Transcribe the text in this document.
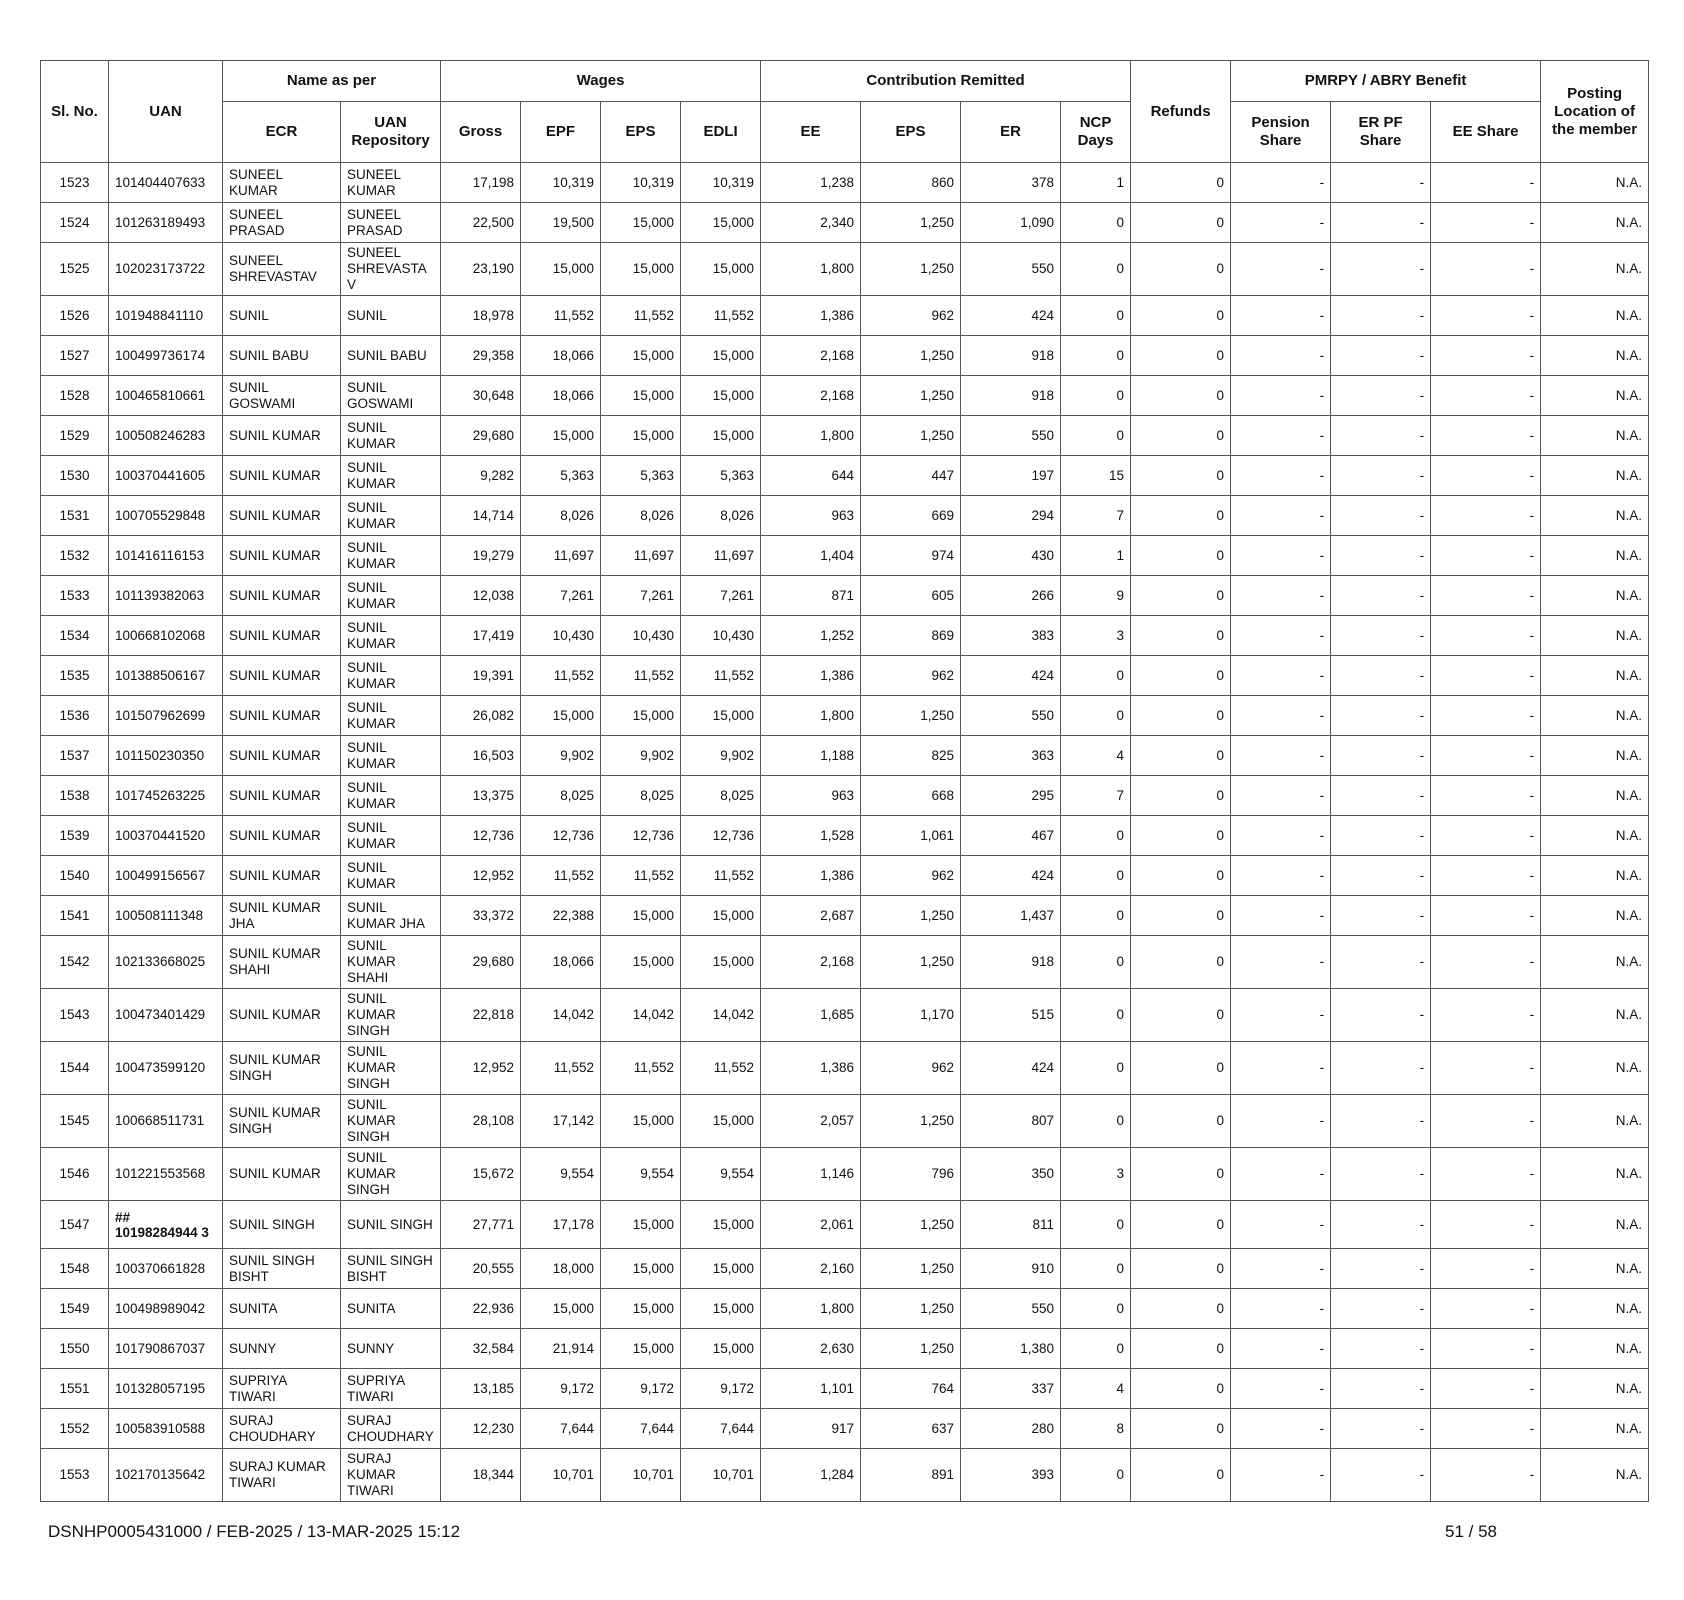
Sl. No.	UAN	Name as per		Wages				Contribution Remitted				Refunds	PMRPY / ABRY Benefit			Posting Location of the member
		ECR	UAN Repository	Gross	EPF	EPS	EDLI	EE	EPS	ER	NCP Days		Pension Share	ER PF Share	EE Share	
1523	101404407633	SUNEEL KUMAR	SUNEEL KUMAR	17,198	10,319	10,319	10,319	1,238	860	378	1	0	-	-	-	N.A.
1524	101263189493	SUNEEL PRASAD	SUNEEL PRASAD	22,500	19,500	15,000	15,000	2,340	1,250	1,090	0	0	-	-	-	N.A.
1525	102023173722	SUNEEL SHREVASTAV	SUNEEL SHREVASTAV	23,190	15,000	15,000	15,000	1,800	1,250	550	0	0	-	-	-	N.A.
1526	101948841110	SUNIL	SUNIL	18,978	11,552	11,552	11,552	1,386	962	424	0	0	-	-	-	N.A.
1527	100499736174	SUNIL BABU	SUNIL BABU	29,358	18,066	15,000	15,000	2,168	1,250	918	0	0	-	-	-	N.A.
1528	100465810661	SUNIL GOSWAMI	SUNIL GOSWAMI	30,648	18,066	15,000	15,000	2,168	1,250	918	0	0	-	-	-	N.A.
1529	100508246283	SUNIL KUMAR	SUNIL KUMAR	29,680	15,000	15,000	15,000	1,800	1,250	550	0	0	-	-	-	N.A.
1530	100370441605	SUNIL KUMAR	SUNIL KUMAR	9,282	5,363	5,363	5,363	644	447	197	15	0	-	-	-	N.A.
1531	100705529848	SUNIL KUMAR	SUNIL KUMAR	14,714	8,026	8,026	8,026	963	669	294	7	0	-	-	-	N.A.
1532	101416116153	SUNIL KUMAR	SUNIL KUMAR	19,279	11,697	11,697	11,697	1,404	974	430	1	0	-	-	-	N.A.
1533	101139382063	SUNIL KUMAR	SUNIL KUMAR	12,038	7,261	7,261	7,261	871	605	266	9	0	-	-	-	N.A.
1534	100668102068	SUNIL KUMAR	SUNIL KUMAR	17,419	10,430	10,430	10,430	1,252	869	383	3	0	-	-	-	N.A.
1535	101388506167	SUNIL KUMAR	SUNIL KUMAR	19,391	11,552	11,552	11,552	1,386	962	424	0	0	-	-	-	N.A.
1536	101507962699	SUNIL KUMAR	SUNIL KUMAR	26,082	15,000	15,000	15,000	1,800	1,250	550	0	0	-	-	-	N.A.
1537	101150230350	SUNIL KUMAR	SUNIL KUMAR	16,503	9,902	9,902	9,902	1,188	825	363	4	0	-	-	-	N.A.
1538	101745263225	SUNIL KUMAR	SUNIL KUMAR	13,375	8,025	8,025	8,025	963	668	295	7	0	-	-	-	N.A.
1539	100370441520	SUNIL KUMAR	SUNIL KUMAR	12,736	12,736	12,736	12,736	1,528	1,061	467	0	0	-	-	-	N.A.
1540	100499156567	SUNIL KUMAR	SUNIL KUMAR	12,952	11,552	11,552	11,552	1,386	962	424	0	0	-	-	-	N.A.
1541	100508111348	SUNIL KUMAR JHA	SUNIL KUMAR JHA	33,372	22,388	15,000	15,000	2,687	1,250	1,437	0	0	-	-	-	N.A.
1542	102133668025	SUNIL KUMAR SHAHI	SUNIL KUMAR SHAHI	29,680	18,066	15,000	15,000	2,168	1,250	918	0	0	-	-	-	N.A.
1543	100473401429	SUNIL KUMAR	SUNIL KUMAR SINGH	22,818	14,042	14,042	14,042	1,685	1,170	515	0	0	-	-	-	N.A.
1544	100473599120	SUNIL KUMAR SINGH	SUNIL KUMAR SINGH	12,952	11,552	11,552	11,552	1,386	962	424	0	0	-	-	-	N.A.
1545	100668511731	SUNIL KUMAR SINGH	SUNIL KUMAR SINGH	28,108	17,142	15,000	15,000	2,057	1,250	807	0	0	-	-	-	N.A.
1546	101221553568	SUNIL KUMAR	SUNIL KUMAR SINGH	15,672	9,554	9,554	9,554	1,146	796	350	3	0	-	-	-	N.A.
1547	## 10198284944 3	SUNIL SINGH	SUNIL SINGH	27,771	17,178	15,000	15,000	2,061	1,250	811	0	0	-	-	-	N.A.
1548	100370661828	SUNIL SINGH BISHT	SUNIL SINGH BISHT	20,555	18,000	15,000	15,000	2,160	1,250	910	0	0	-	-	-	N.A.
1549	100498989042	SUNITA	SUNITA	22,936	15,000	15,000	15,000	1,800	1,250	550	0	0	-	-	-	N.A.
1550	101790867037	SUNNY	SUNNY	32,584	21,914	15,000	15,000	2,630	1,250	1,380	0	0	-	-	-	N.A.
1551	101328057195	SUPRIYA TIWARI	SUPRIYA TIWARI	13,185	9,172	9,172	9,172	1,101	764	337	4	0	-	-	-	N.A.
1552	100583910588	SURAJ CHOUDHARY	SURAJ CHOUDHARY	12,230	7,644	7,644	7,644	917	637	280	8	0	-	-	-	N.A.
1553	102170135642	SURAJ KUMAR TIWARI	SURAJ KUMAR TIWARI	18,344	10,701	10,701	10,701	1,284	891	393	0	0	-	-	-	N.A.
DSNHP0005431000 / FEB-2025 / 13-MAR-2025 15:12	51 / 58
